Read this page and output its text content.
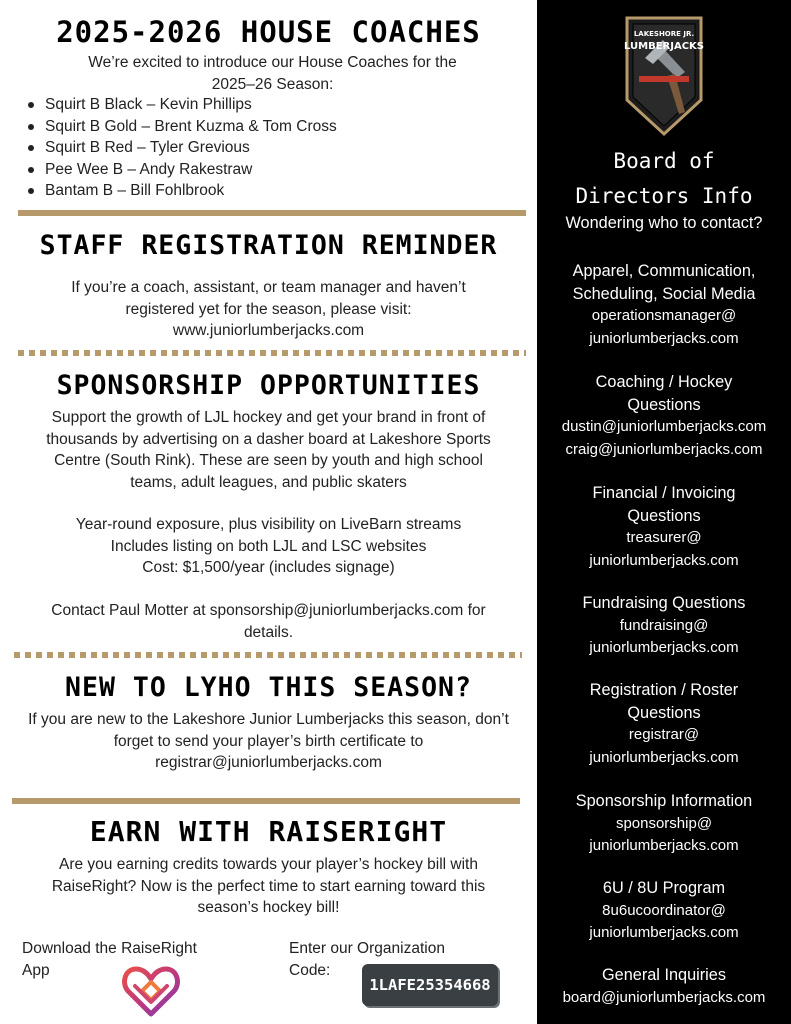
2025-2026 HOUSE COACHES
We’re excited to introduce our House Coaches for the
2025–26 Season:
Squirt B Black – Kevin Phillips
Squirt B Gold – Brent Kuzma & Tom Cross
Squirt B Red – Tyler Grevious
Pee Wee B – Andy Rakestraw
Bantam B – Bill Fohlbrook
STAFF REGISTRATION REMINDER
If you’re a coach, assistant, or team manager and haven’t
registered yet for the season, please visit:
www.juniorlumberjacks.com
SPONSORSHIP OPPORTUNITIES
Support the growth of LJL hockey and get your brand in front of
thousands by advertising on a dasher board at Lakeshore Sports
Centre (South Rink). These are seen by youth and high school
teams, adult leagues, and public skaters
Year-round exposure, plus visibility on LiveBarn streams
Includes listing on both LJL and LSC websites
Cost: $1,500/year (includes signage)
Contact Paul Motter at sponsorship@juniorlumberjacks.com for
details.
NEW TO LYHO THIS SEASON?
If you are new to the Lakeshore Junior Lumberjacks this season, don’t
forget to send your player’s birth certificate to
registrar@juniorlumberjacks.com
EARN WITH RAISERIGHT
Are you earning credits towards your player’s hockey bill with
RaiseRight? Now is the perfect time to start earning toward this
season’s hockey bill!
Download the RaiseRight
App
Enter our Organization
Code:
1LAFE25354668
LAKESHORE JR.
LUMBERJACKS
Board of
Directors Info
Wondering who to contact?
Apparel, Communication,
Scheduling, Social Media
operationsmanager@
juniorlumberjacks.com
Coaching / Hockey
Questions
dustin@juniorlumberjacks.com
craig@juniorlumberjacks.com
Financial / Invoicing
Questions
treasurer@
juniorlumberjacks.com
Fundraising Questions
fundraising@
juniorlumberjacks.com
Registration / Roster
Questions
registrar@
juniorlumberjacks.com
Sponsorship Information
sponsorship@
juniorlumberjacks.com
6U / 8U Program
8u6ucoordinator@
juniorlumberjacks.com
General Inquiries
board@juniorlumberjacks.com
